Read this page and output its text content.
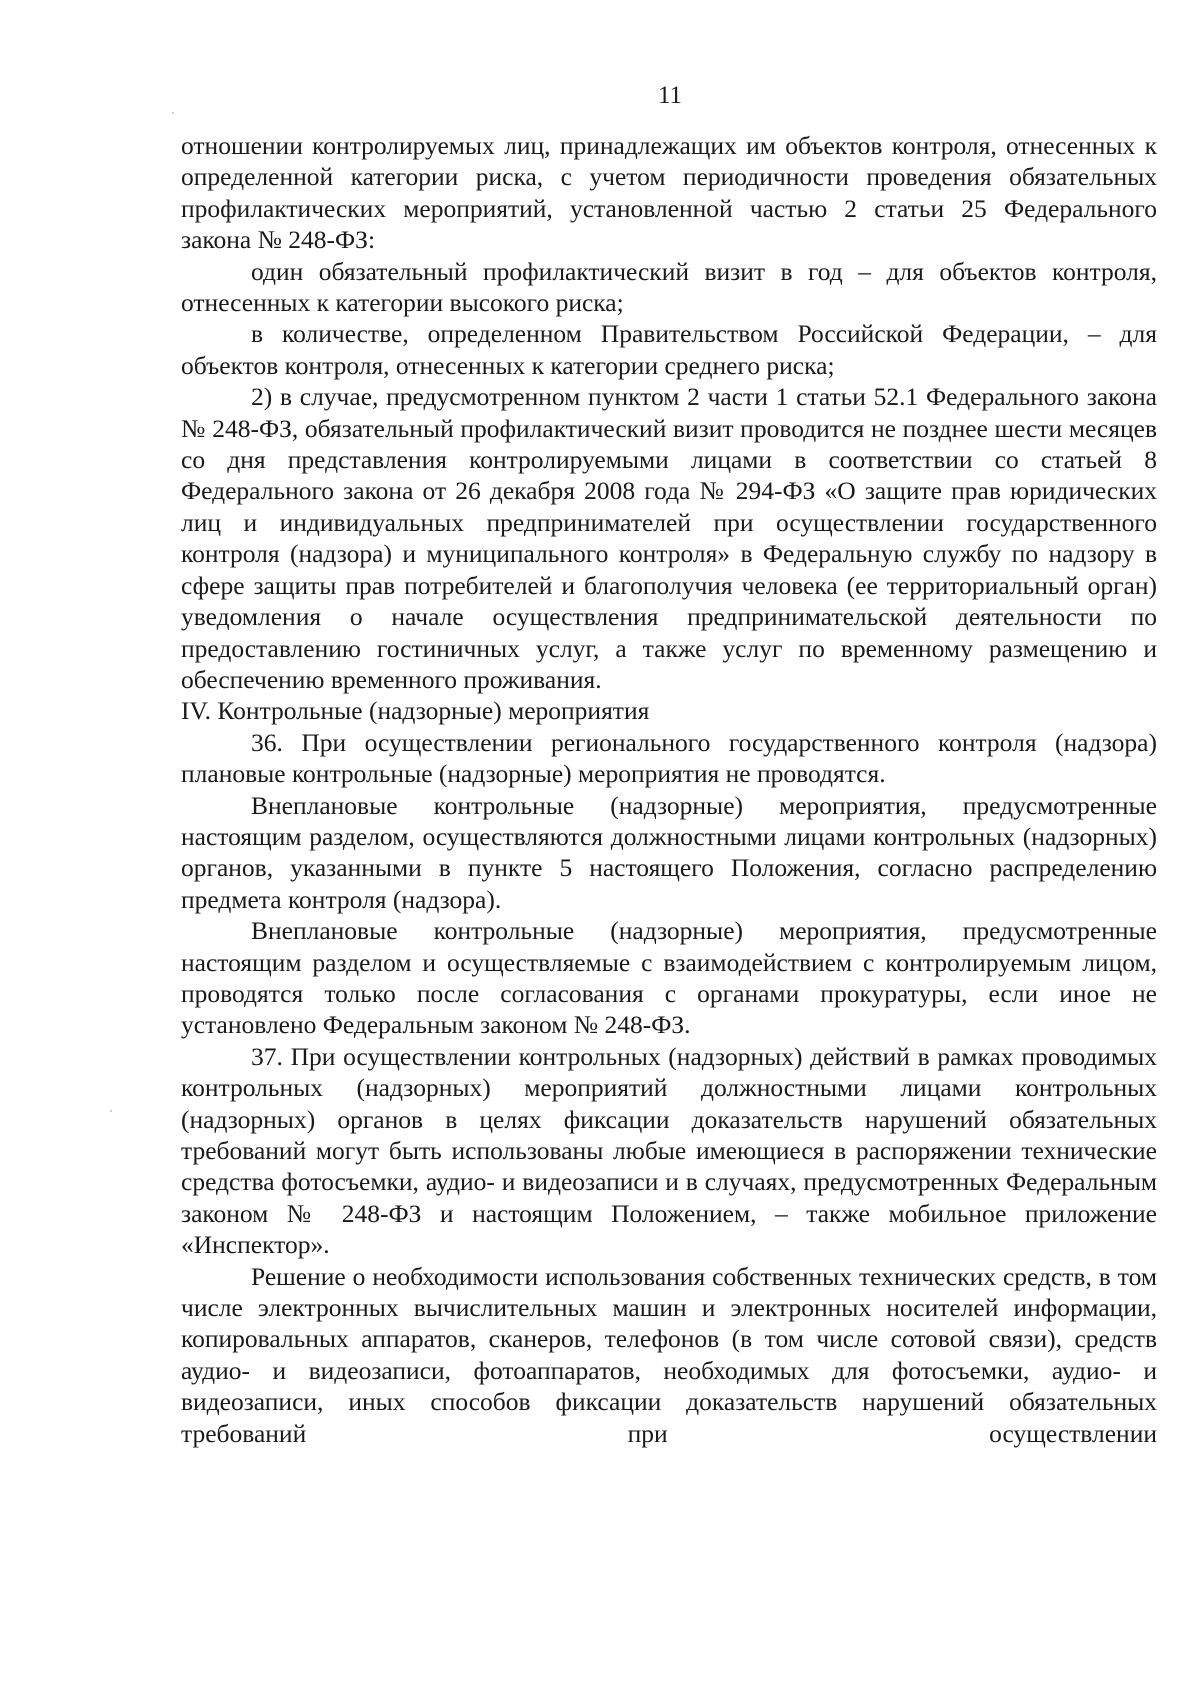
11

отношении контролируемых лиц, принадлежащих им объектов контроля, отнесенных к определенной категории риска, с учетом периодичности проведения обязательных профилактических мероприятий, установленной частью 2 статьи 25 Федерального закона № 248-ФЗ:

один обязательный профилактический визит в год – для объектов контроля, отнесенных к категории высокого риска;

в количестве, определенном Правительством Российской Федерации, – для объектов контроля, отнесенных к категории среднего риска;

2) в случае, предусмотренном пунктом 2 части 1 статьи 52.1 Федерального закона № 248-ФЗ, обязательный профилактический визит проводится не позднее шести месяцев со дня представления контролируемыми лицами в соответствии со статьей 8 Федерального закона от 26 декабря 2008 года № 294-ФЗ «О защите прав юридических лиц и индивидуальных предпринимателей при осуществлении государственного контроля (надзора) и муниципального контроля» в Федеральную службу по надзору в сфере защиты прав потребителей и благополучия человека (ее территориальный орган) уведомления о начале осуществления предпринимательской деятельности по предоставлению гостиничных услуг, а также услуг по временному размещению и обеспечению временного проживания.

IV. Контрольные (надзорные) мероприятия

36. При осуществлении регионального государственного контроля (надзора) плановые контрольные (надзорные) мероприятия не проводятся.

Внеплановые контрольные (надзорные) мероприятия, предусмотренные настоящим разделом, осуществляются должностными лицами контрольных (надзорных) органов, указанными в пункте 5 настоящего Положения, согласно распределению предмета контроля (надзора).

Внеплановые контрольные (надзорные) мероприятия, предусмотренные настоящим разделом и осуществляемые с взаимодействием с контролируемым лицом, проводятся только после согласования с органами прокуратуры, если иное не установлено Федеральным законом № 248-ФЗ.

37. При осуществлении контрольных (надзорных) действий в рамках проводимых контрольных (надзорных) мероприятий должностными лицами контрольных (надзорных) органов в целях фиксации доказательств нарушений обязательных требований могут быть использованы любые имеющиеся в распоряжении технические средства фотосъемки, аудио- и видеозаписи и в случаях, предусмотренных Федеральным законом № 248-ФЗ и настоящим Положением, – также мобильное приложение «Инспектор».

Решение о необходимости использования собственных технических средств, в том числе электронных вычислительных машин и электронных носителей информации, копировальных аппаратов, сканеров, телефонов (в том числе сотовой связи), средств аудио- и видеозаписи, фотоаппаратов, необходимых для фотосъемки, аудио- и видеозаписи, иных способов фиксации доказательств нарушений обязательных требований при осуществлении
